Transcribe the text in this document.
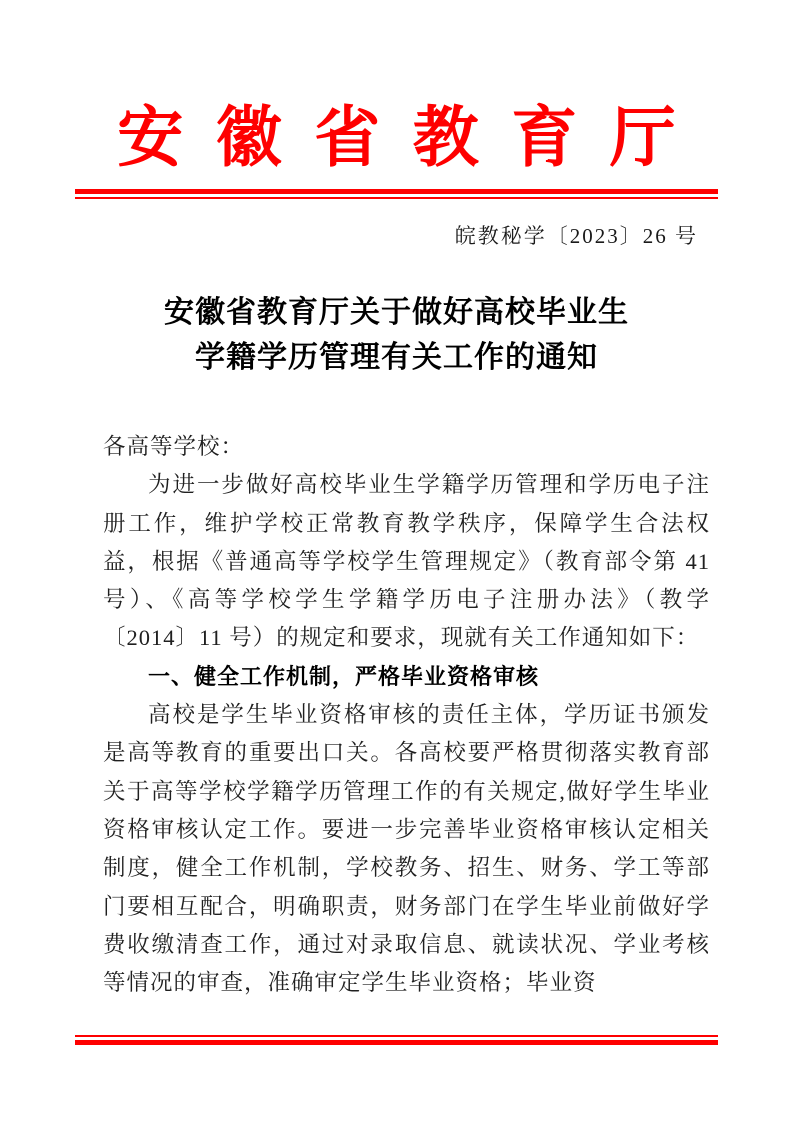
安 徽 省 教 育 厅
皖教秘学〔2023〕26 号
安徽省教育厅关于做好高校毕业生
学籍学历管理有关工作的通知

各高等学校：

为进一步做好高校毕业生学籍学历管理和学历电子注册工作，维护学校正常教育教学秩序，保障学生合法权益，根据《普通高等学校学生管理规定》（教育部令第 41 号）、《高等学校学生学籍学历电子注册办法》（教学〔2014〕11 号）的规定和要求，现就有关工作通知如下：

一、健全工作机制，严格毕业资格审核

高校是学生毕业资格审核的责任主体，学历证书颁发是高等教育的重要出口关。各高校要严格贯彻落实教育部关于高等学校学籍学历管理工作的有关规定,做好学生毕业资格审核认定工作。要进一步完善毕业资格审核认定相关制度，健全工作机制，学校教务、招生、财务、学工等部门要相互配合，明确职责，财务部门在学生毕业前做好学费收缴清查工作，通过对录取信息、就读状况、学业考核等情况的审查，准确审定学生毕业资格；毕业资
